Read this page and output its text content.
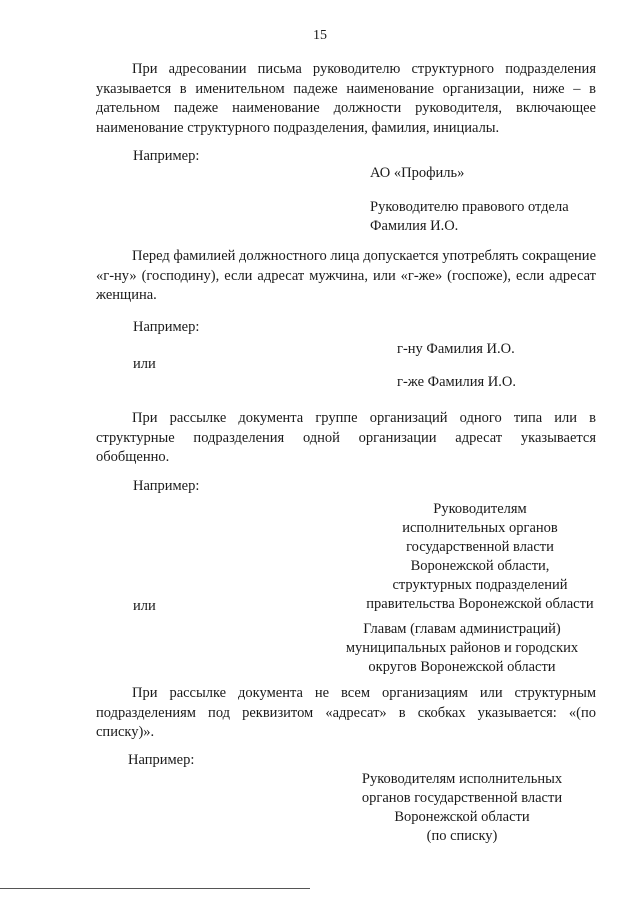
15

При адресовании письма руководителю структурного подразделения указывается в именительном падеже наименование организации, ниже – в дательном падеже наименование должности руководителя, включающее наименование структурного подразделения, фамилия, инициалы.

Например:
АО «Профиль»
Руководителю правового отдела
Фамилия И.О.

Перед фамилией должностного лица допускается употреблять сокращение «г-ну» (господину), если адресат мужчина, или «г-же» (госпоже), если адресат женщина.

Например:
г-ну Фамилия И.О.
или
г-же Фамилия И.О.

При рассылке документа группе организаций одного типа или в структурные подразделения одной организации адресат указывается обобщенно.

Например:
Руководителям
исполнительных органов
государственной власти
Воронежской области,
структурных подразделений
правительства Воронежской области
или
Главам (главам администраций)
муниципальных районов и городских
округов Воронежской области

При рассылке документа не всем организациям или структурным подразделениям под реквизитом «адресат» в скобках указывается: «(по списку)».

Например:
Руководителям исполнительных
органов государственной власти
Воронежской области
(по списку)
